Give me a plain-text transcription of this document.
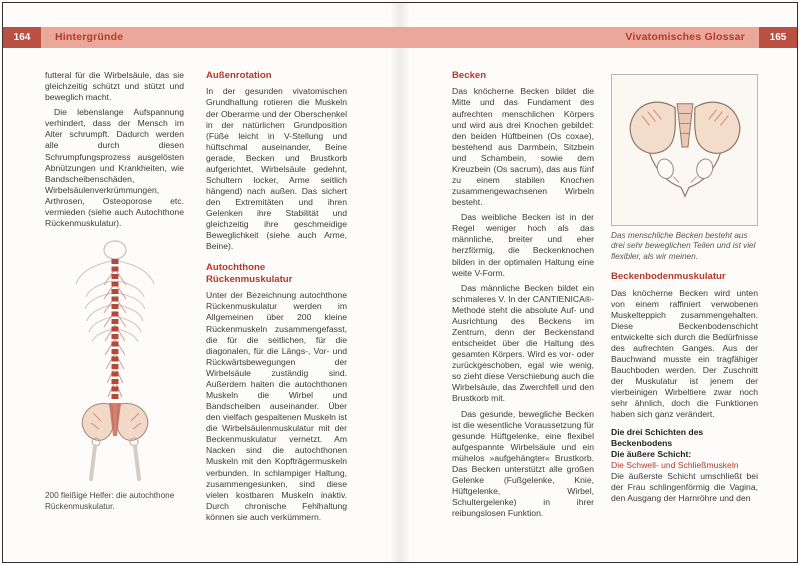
164	Hintergründe	Vivatomisches Glossar	165

futteral für die Wirbelsäule, das sie gleichzeitig schützt und stützt und beweglich macht.

Die lebenslange Aufspannung verhindert, dass der Mensch im Alter schrumpft. Dadurch werden alle durch diesen Schrumpfungsprozess ausgelösten Abnützungen und Krankheiten, wie Bandscheibenschäden, Wirbelsäulenverkrümmungen, Arthrosen, Osteoporose etc. vermieden (siehe auch Autochthone Rückenmuskulatur).

200 fleißige Helfer: die autochthone Rückenmuskulatur.

Außenrotation

In der gesunden vivatomischen Grundhaltung rotieren die Muskeln der Oberarme und der Oberschenkel in der natürlichen Grundposition (Füße leicht in V-Stellung und hüftschmal auseinander, Beine gerade, Becken und Brustkorb aufgerichtet, Wirbelsäule gedehnt, Schultern locker, Arme seitlich hängend) nach außen. Das sichert den Extremitäten und ihren Gelenken ihre Stabilität und gleichzeitig ihre geschmeidige Beweglichkeit (siehe auch Arme, Beine).

Autochthone Rückenmuskulatur

Unter der Bezeichnung autochthone Rückenmuskulatur werden im Allgemeinen über 200 kleine Rückenmuskeln zusammengefasst, die für die seitlichen, für die diagonalen, für die Längs-, Vor- und Rückwärtsbewegungen der Wirbelsäule zuständig sind. Außerdem halten die autochthonen Muskeln die Wirbel und Bandscheiben auseinander. Über den vielfach gespaltenen Muskeln ist die Wirbelsäulenmuskulatur mit der Beckenmuskulatur vernetzt. Am Nacken sind die autochthonen Muskeln mit den Kopfträgermuskeln verbunden. In schlampiger Haltung, zusammengesunken, sind diese vielen kostbaren Muskeln inaktiv. Durch chronische Fehlhaltung können sie auch verkümmern.

Becken

Das knöcherne Becken bildet die Mitte und das Fundament des aufrechten menschlichen Körpers und wird aus drei Knochen gebildet: den beiden Hüftbeinen (Os coxae), bestehend aus Darmbein, Sitzbein und Schambein, sowie dem Kreuzbein (Os sacrum), das aus fünf zu einem stabilen Knochen zusammengewachsenen Wirbeln besteht.

Das weibliche Becken ist in der Regel weniger hoch als das männliche, breiter und eher herzförmig, die Beckenknochen bilden in der optimalen Haltung eine weite V-Form.

Das männliche Becken bildet ein schmaleres V. In der CANTIENICA®-Methode steht die absolute Auf- und Ausrichtung des Beckens im Zentrum, denn der Beckenstand entscheidet über die Haltung des gesamten Körpers. Wird es vor- oder zurückgeschoben, egal wie wenig, so zieht diese Verschiebung auch die Wirbelsäule, das Zwerchfell und den Brustkorb mit.

Das gesunde, bewegliche Becken ist die wesentliche Voraussetzung für gesunde Hüftgelenke, eine flexibel aufgespannte Wirbelsäule und ein mühelos »aufgehängter« Brustkorb. Das Becken unterstützt alle großen Gelenke (Fußgelenke, Knie, Hüftgelenke, Wirbel, Schultergelenke) in ihrer reibungslosen Funktion.

Das menschliche Becken besteht aus drei sehr beweglichen Teilen und ist viel flexibler, als wir meinen.

Beckenbodenmuskulatur

Das knöcherne Becken wird unten von einem raffiniert verwobenen Muskelteppich zusammengehalten. Diese Beckenbodenschicht entwickelte sich durch die Bedürfnisse des aufrechten Ganges. Aus der Bauchwand musste ein tragfähiger Bauchboden werden. Der Zuschnitt der Muskulatur ist jenem der vierbeinigen Wirbeltiere zwar noch sehr ähnlich, doch die Funktionen haben sich ganz verändert.

Die drei Schichten des Beckenbodens

Die äußere Schicht:

Die Schwell- und Schließmuskeln

Die äußerste Schicht umschließt bei der Frau schlingenförmig die Vagina, den Ausgang der Harnröhre und den
